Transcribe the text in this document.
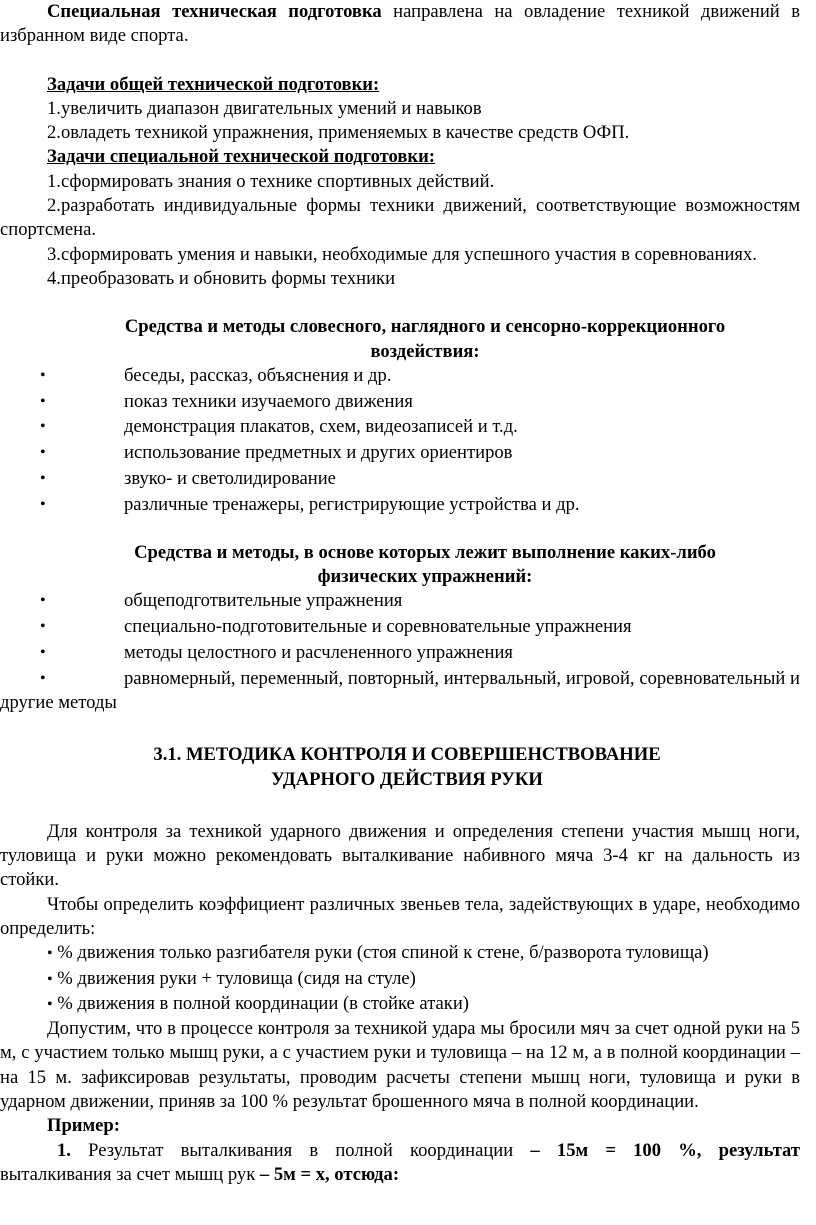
Специальная техническая подготовка направлена на овладение техникой движений в избранном виде спорта.

Задачи общей технической подготовки:

1.увеличить диапазон двигательных умений и навыков

2.овладеть техникой упражнения, применяемых в качестве средств ОФП.

Задачи специальной технической подготовки:

1.сформировать знания о технике спортивных действий.

2.разработать индивидуальные формы техники движений, соответствующие возможностям спортсмена.

3.сформировать умения и навыки, необходимые для успешного участия в соревнованиях.

4.преобразовать и обновить формы техники

Средства и методы словесного, наглядного и сенсорно-коррекционного

воздействия:

•	беседы, рассказ, объяснения и др.
•	показ техники изучаемого движения
•	демонстрация плакатов, схем, видеозаписей и т.д.
•	использование предметных и других ориентиров
•	звуко- и светолидирование
•	различные тренажеры, регистрирующие устройства и др.

Средства и методы, в основе которых лежит выполнение каких-либо

физических упражнений:

•	общеподготвительные упражнения
•	специально-подготовительные и соревновательные упражнения
•	методы целостного и расчлененного упражнения

•	равномерный, переменный, повторный, интервальный, игровой, соревновательный и другие методы

3.1. МЕТОДИКА КОНТРОЛЯ И СОВЕРШЕНСТВОВАНИЕ

УДАРНОГО ДЕЙСТВИЯ РУКИ

Для контроля за техникой ударного движения и определения степени участия мышц ноги, туловища и руки можно рекомендовать выталкивание набивного мяча 3-4 кг на дальность из стойки.

Чтобы определить коэффициент различных звеньев тела, задействующих в ударе, необходимо определить:

• % движения только разгибателя руки (стоя спиной к стене, б/разворота туловища)
• % движения руки + туловища (сидя на стуле)
• % движения в полной координации (в стойке атаки)

Допустим, что в процессе контроля за техникой удара мы бросили мяч за счет одной руки на 5 м, с участием только мышц руки, а с участием руки и туловища – на 12 м, а в полной координации – на 15 м. зафиксировав результаты, проводим расчеты степени мышц ноги, туловища и руки в ударном движении, приняв за 100 % результат брошенного мяча в полной координации.

Пример:

1. Результат выталкивания в полной координации – 15м = 100 %, результат

выталкивания за счет мышц рук – 5м = х, отсюда:
